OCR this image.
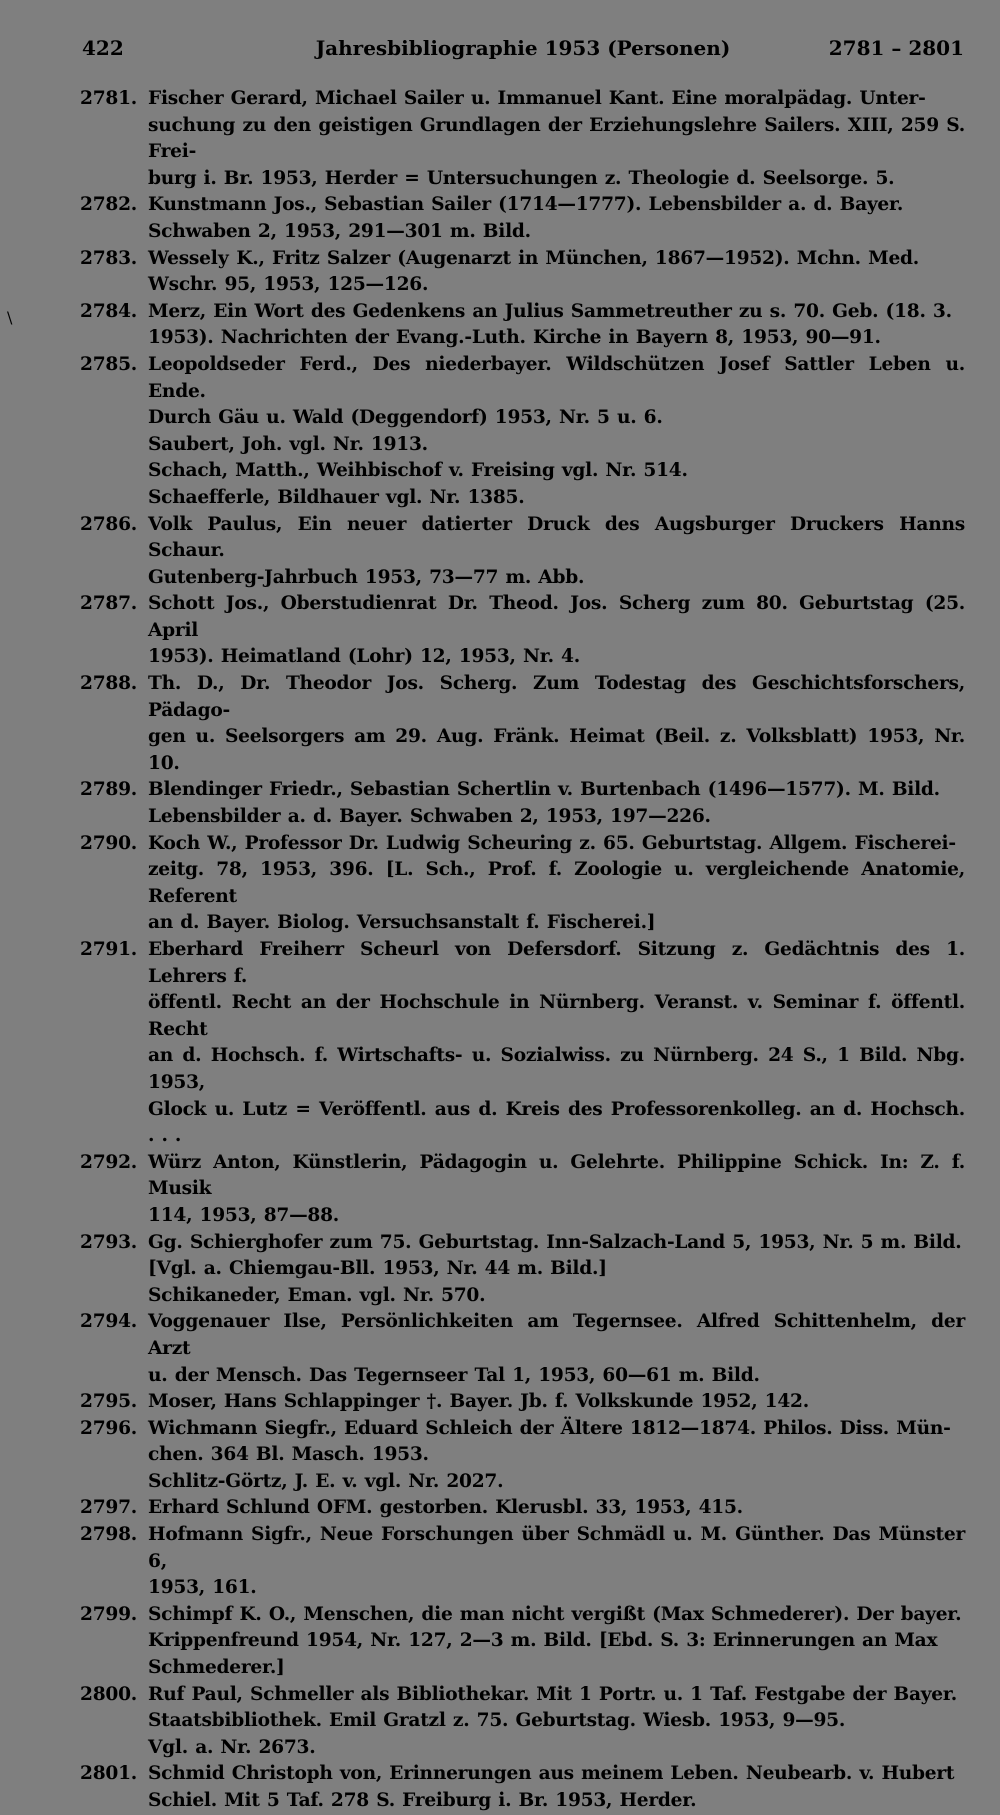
422	Jahresbibliographie 1953 (Personen)	2781 – 2801
\
2781. Fischer Gerard, Michael Sailer u. Immanuel Kant. Eine moralpädag. Unter-
suchung zu den geistigen Grundlagen der Erziehungslehre Sailers. XIII, 259 S. Frei-
burg i. Br. 1953, Herder = Untersuchungen z. Theologie d. Seelsorge. 5.
2782. Kunstmann Jos., Sebastian Sailer (1714—1777). Lebensbilder a. d. Bayer.
Schwaben 2, 1953, 291—301 m. Bild.
2783. Wesselу K., Fritz Salzer (Augenarzt in München, 1867—1952). Mchn. Med.
Wschr. 95, 1953, 125—126.
2784. Merz, Ein Wort des Gedenkens an Julius Sammetreuther zu s. 70. Geb. (18. 3.
1953). Nachrichten der Evang.-Luth. Kirche in Bayern 8, 1953, 90—91.
2785. Leopoldseder Ferd., Des niederbayer. Wildschützen Josef Sattler Leben u. Ende.
Durch Gäu u. Wald (Deggendorf) 1953, Nr. 5 u. 6.
Saubert, Joh. vgl. Nr. 1913.
Schach, Matth., Weihbischof v. Freising vgl. Nr. 514.
Schaefferle, Bildhauer vgl. Nr. 1385.
2786. Volk Paulus, Ein neuer datierter Druck des Augsburger Druckers Hanns Schaur.
Gutenberg-Jahrbuch 1953, 73—77 m. Abb.
2787. Schott Jos., Oberstudienrat Dr. Theod. Jos. Scherg zum 80. Geburtstag (25. April
1953). Heimatland (Lohr) 12, 1953, Nr. 4.
2788. Th. D., Dr. Theodor Jos. Scherg. Zum Todestag des Geschichtsforschers, Pädago-
gen u. Seelsorgers am 29. Aug. Fränk. Heimat (Beil. z. Volksblatt) 1953, Nr. 10.
2789. Blendinger Friedr., Sebastian Schertlin v. Burtenbach (1496—1577). M. Bild.
Lebensbilder a. d. Bayer. Schwaben 2, 1953, 197—226.
2790. Koch W., Professor Dr. Ludwig Scheuring z. 65. Geburtstag. Allgem. Fischerei-
zeitg. 78, 1953, 396. [L. Sch., Prof. f. Zoologie u. vergleichende Anatomie, Referent
an d. Bayer. Biolog. Versuchsanstalt f. Fischerei.]
2791. Eberhard Freiherr Scheurl von Defersdorf. Sitzung z. Gedächtnis des 1. Lehrers f.
öffentl. Recht an der Hochschule in Nürnberg. Veranst. v. Seminar f. öffentl. Recht
an d. Hochsch. f. Wirtschafts- u. Sozialwiss. zu Nürnberg. 24 S., 1 Bild. Nbg. 1953,
Glock u. Lutz = Veröffentl. aus d. Kreis des Professorenkolleg. an d. Hochsch. . . .
2792. Würz Anton, Künstlerin, Pädagogin u. Gelehrte. Philippine Schick. In: Z. f. Musik
114, 1953, 87—88.
2793. Gg. Schierghofer zum 75. Geburtstag. Inn-Salzach-Land 5, 1953, Nr. 5 m. Bild.
[Vgl. a. Chiemgau-Bll. 1953, Nr. 44 m. Bild.]
Schikaneder, Eman. vgl. Nr. 570.
2794. Voggenauer Ilse, Persönlichkeiten am Tegernsee. Alfred Schittenhelm, der Arzt
u. der Mensch. Das Tegernseer Tal 1, 1953, 60—61 m. Bild.
2795. Moser, Hans Schlappinger †. Bayer. Jb. f. Volkskunde 1952, 142.
2796. Wichmann Siegfr., Eduard Schleich der Ältere 1812—1874. Philos. Diss. Mün-
chen. 364 Bl. Masch. 1953.
Schlitz-Görtz, J. E. v. vgl. Nr. 2027.
2797. Erhard Schlund OFM. gestorben. Klerusbl. 33, 1953, 415.
2798. Hofmann Sigfr., Neue Forschungen über Schmädl u. M. Günther. Das Münster 6,
1953, 161.
2799. Schimpf K. O., Menschen, die man nicht vergißt (Max Schmederer). Der bayer.
Krippenfreund 1954, Nr. 127, 2—3 m. Bild. [Ebd. S. 3: Erinnerungen an Max
Schmederer.]
2800. Ruf Paul, Schmeller als Bibliothekar. Mit 1 Portr. u. 1 Taf. Festgabe der Bayer.
Staatsbibliothek. Emil Gratzl z. 75. Geburtstag. Wiesb. 1953, 9—95.
Vgl. a. Nr. 2673.
2801. Schmid Christoph von, Erinnerungen aus meinem Leben. Neubearb. v. Hubert
Schiel. Mit 5 Taf. 278 S. Freiburg i. Br. 1953, Herder.
